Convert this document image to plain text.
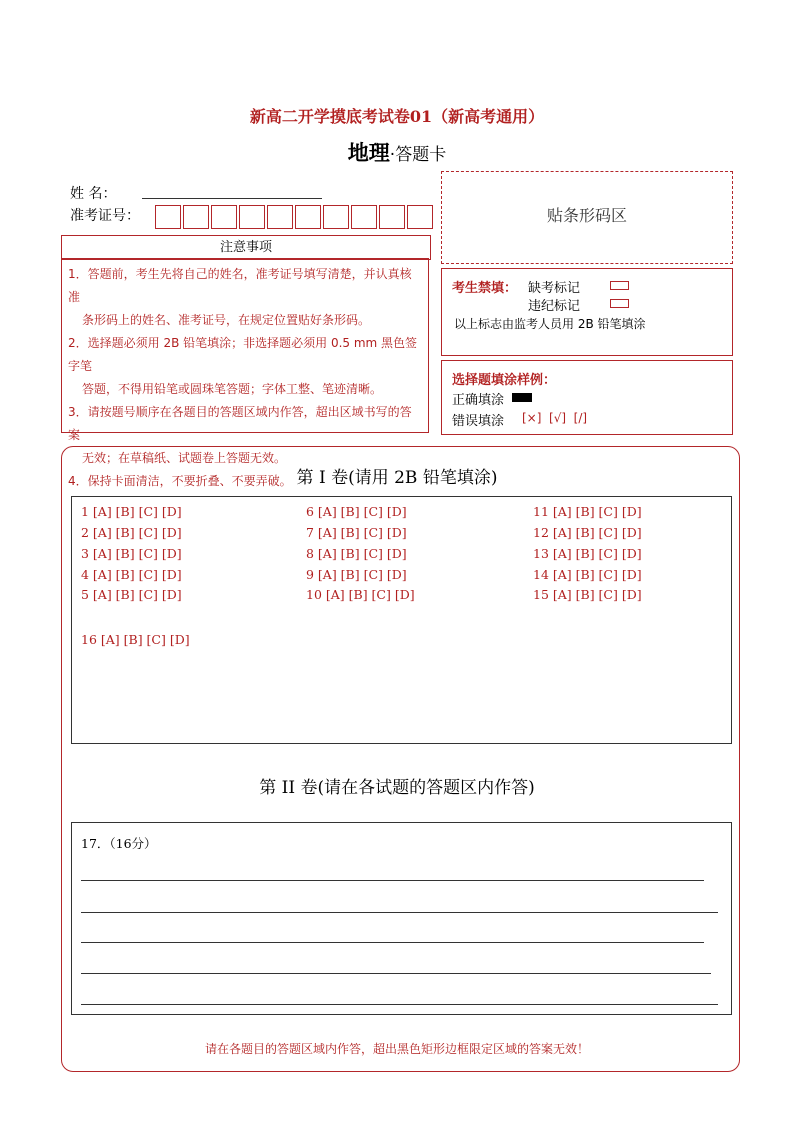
新高二开学摸底考试卷01（新高考通用）
地理·答题卡
姓 名：
准考证号：
注意事项

1．答题前，考生先将自己的姓名，准考证号填写清楚，并认真核准

条形码上的姓名、准考证号，在规定位置贴好条形码。

2．选择题必须用 2B 铅笔填涂；非选择题必须用 0.5 mm 黑色签字笔

答题，不得用铅笔或圆珠笔答题；字体工整、笔迹清晰。

3．请按题号顺序在各题目的答题区域内作答，超出区域书写的答案

无效；在草稿纸、试题卷上答题无效。

4．保持卡面清洁，不要折叠、不要弄破。

贴条形码区
考生禁填： 缺考标记
违纪标记
以上标志由监考人员用 2B 铅笔填涂
选择题填涂样例：
正确填涂
错误填涂 [×]  [√]  [/]
第 I 卷(请用 2B 铅笔填涂)
1 [A] [B] [C] [D]
2 [A] [B] [C] [D]
3 [A] [B] [C] [D]
4 [A] [B] [C] [D]
5 [A] [B] [C] [D]
6 [A] [B] [C] [D]
7 [A] [B] [C] [D]
8 [A] [B] [C] [D]
9 [A] [B] [C] [D]
10 [A] [B] [C] [D]
11 [A] [B] [C] [D]
12 [A] [B] [C] [D]
13 [A] [B] [C] [D]
14 [A] [B] [C] [D]
15 [A] [B] [C] [D]
16 [A] [B] [C] [D]
第 II 卷(请在各试题的答题区内作答)
17．（16分）
请在各题目的答题区域内作答，超出黑色矩形边框限定区域的答案无效！
